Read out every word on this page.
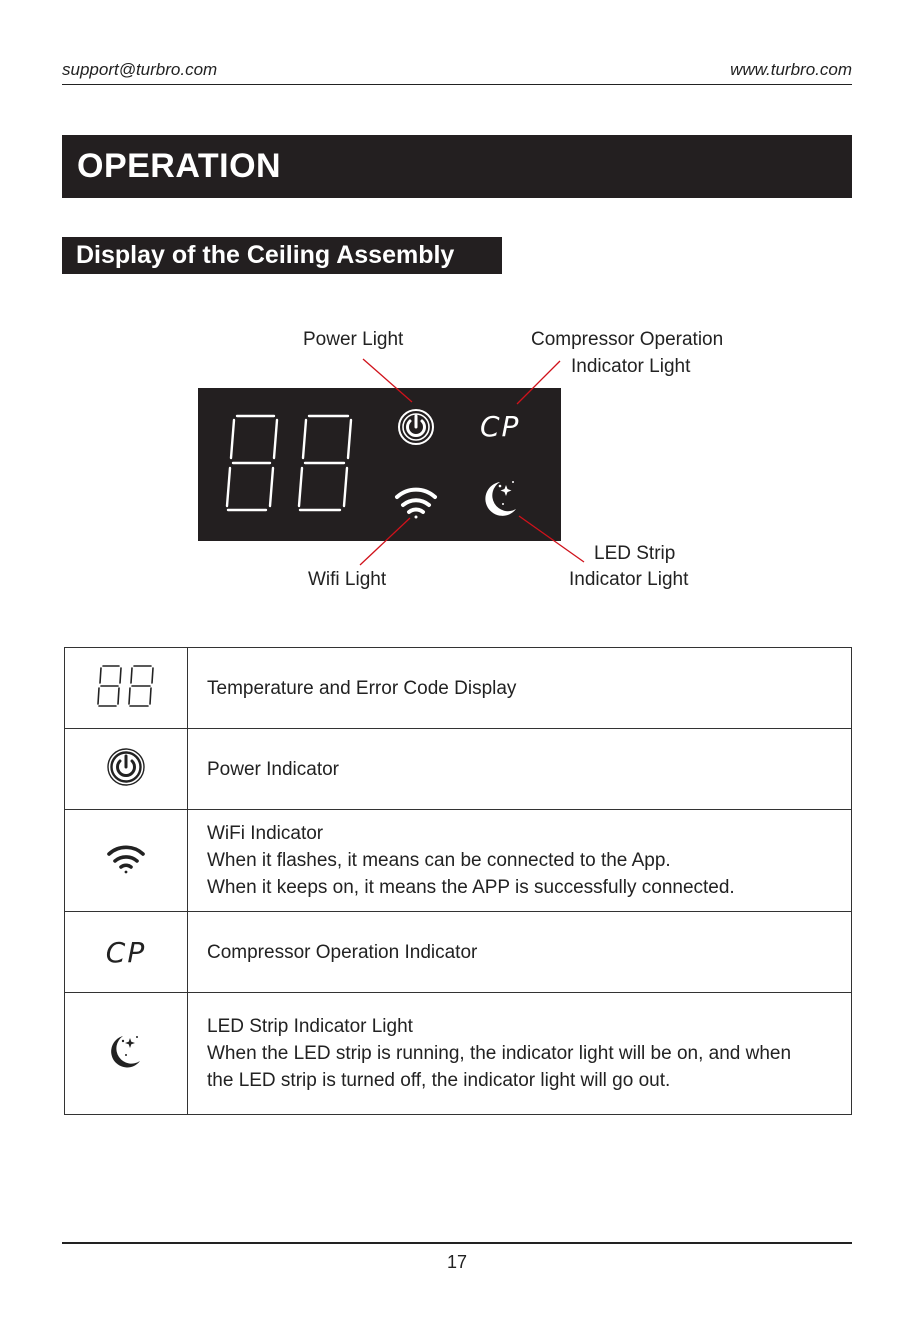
support@turbro.com	www.turbro.com
OPERATION
Display of the Ceiling Assembly
Power Light	Compressor Operation
Indicator Light
Wifi Light
LED Strip
Indicator Light
CP

Temperature and Error Code Display

Power Indicator

WiFi Indicator
When it flashes, it means can be connected to the App.
When it keeps on, it means the APP is successfully connected.

CP	Compressor Operation Indicator

LED Strip Indicator Light
When the LED strip is running, the indicator light will be on, and when
the LED strip is turned off, the indicator light will go out.
17
